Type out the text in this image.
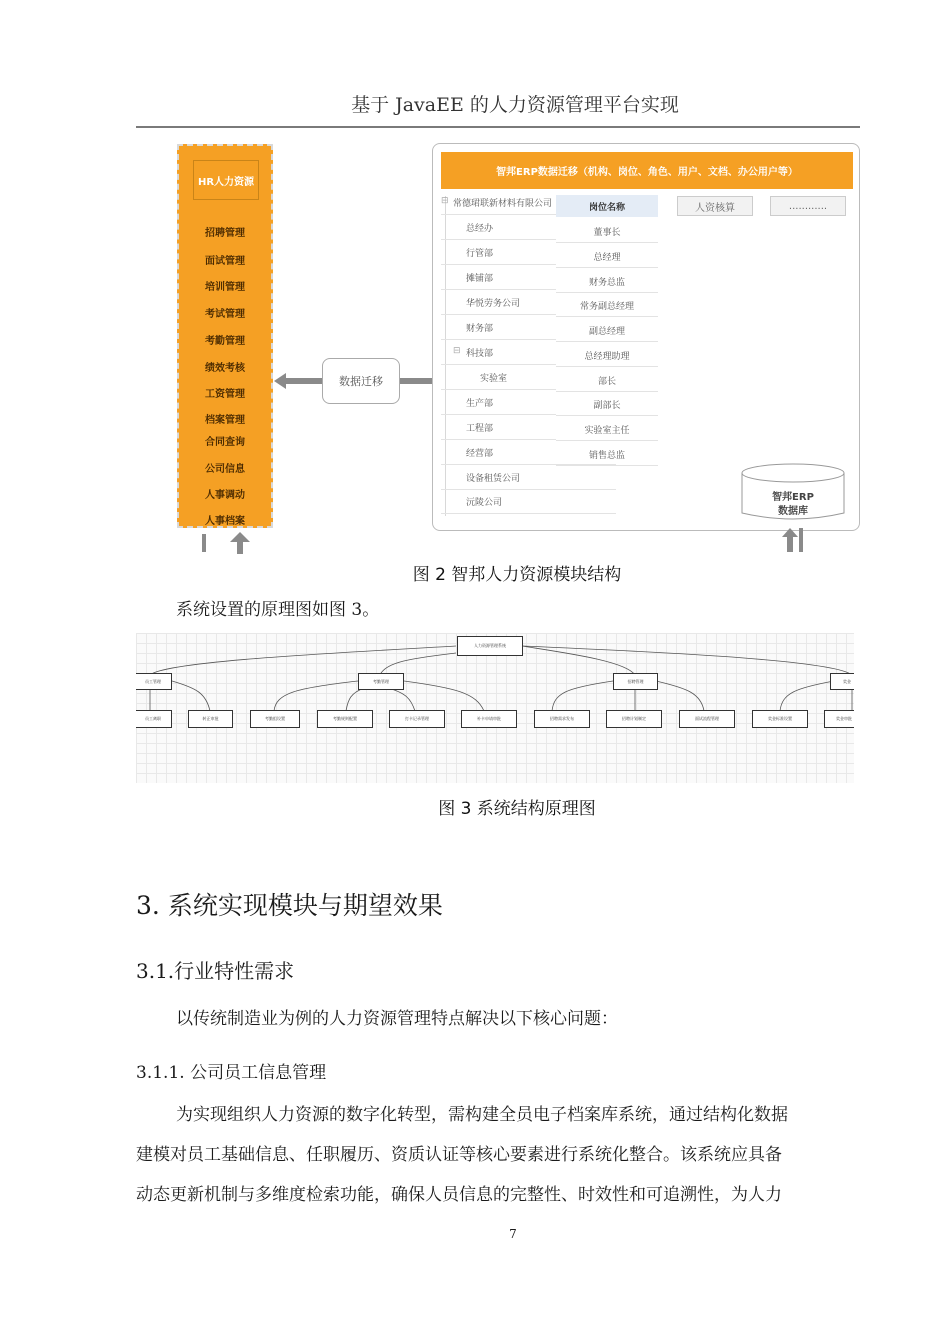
基于 JavaEE 的人力资源管理平台实现
HR人力资源
招聘管理
面试管理
培训管理
考试管理
考勤管理
绩效考核
工资管理
档案管理
合同查询
公司信息
人事调动
人事档案
数据迁移
智邦ERP数据迁移（机构、岗位、角色、用户、文档、办公用户等）
⊟ 常德珺联新材料有限公司
总经办
行管部
摊铺部
华悦劳务公司
财务部
⊟ 科技部
实验室
生产部
工程部
经营部
设备租赁公司
沅陵公司
岗位名称
董事长
总经理
财务总监
常务副总经理
副总经理
总经理助理
部长
副部长
实验室主任
销售总监
人资核算	............
智邦ERP
数据库
图 2 智邦人力资源模块结构
系统设置的原理图如图 3。
人力资源管理系统
员工管理	考勤管理	招聘管理	奖金
员工离职	转正审批	考勤组设置	考勤规则配置	打卡记录管理	补卡申请审批	招聘需求发布	招聘计划制定	面试流程管理	奖金标准设置	奖金审批
图 3 系统结构原理图
3. 系统实现模块与期望效果
3.1.行业特性需求
以传统制造业为例的人力资源管理特点解决以下核心问题：
3.1.1. 公司员工信息管理
为实现组织人力资源的数字化转型，需构建全员电子档案库系统，通过结构化数据
建模对员工基础信息、任职履历、资质认证等核心要素进行系统化整合。该系统应具备
动态更新机制与多维度检索功能，确保人员信息的完整性、时效性和可追溯性，为人力
7
